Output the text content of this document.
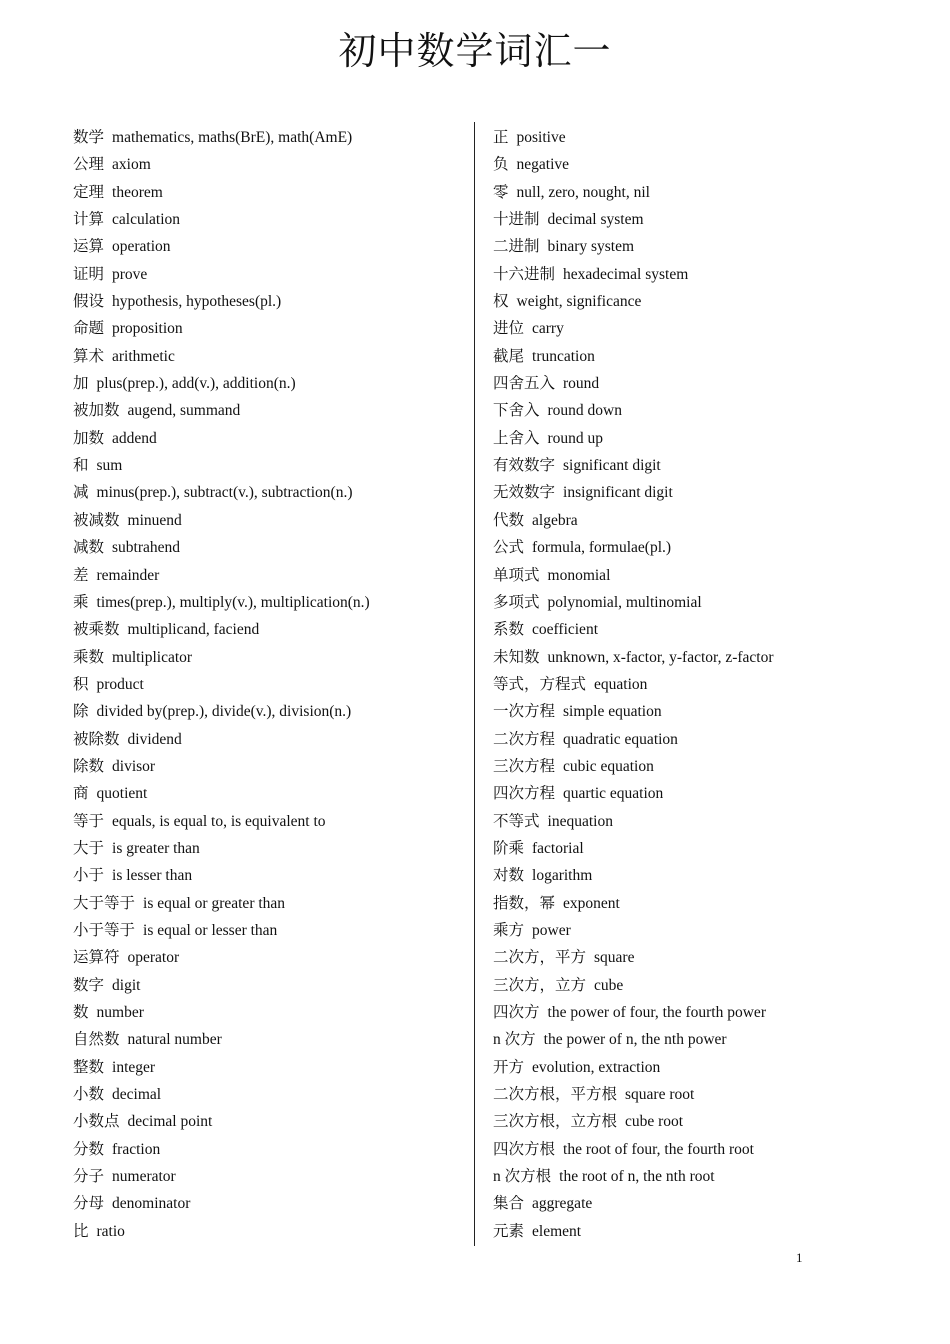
初中数学词汇一
数学 mathematics, maths(BrE), math(AmE)
公理 axiom
定理 theorem
计算 calculation
运算 operation
证明 prove
假设 hypothesis, hypotheses(pl.)
命题 proposition
算术 arithmetic
加 plus(prep.), add(v.), addition(n.)
被加数 augend, summand
加数 addend
和 sum
减 minus(prep.), subtract(v.), subtraction(n.)
被减数 minuend
减数 subtrahend
差 remainder
乘 times(prep.), multiply(v.), multiplication(n.)
被乘数 multiplicand, faciend
乘数 multiplicator
积 product
除 divided by(prep.), divide(v.), division(n.)
被除数 dividend
除数 divisor
商 quotient
等于 equals, is equal to, is equivalent to
大于 is greater than
小于 is lesser than
大于等于 is equal or greater than
小于等于 is equal or lesser than
运算符 operator
数字 digit
数 number
自然数 natural number
整数 integer
小数 decimal
小数点 decimal point
分数 fraction
分子 numerator
分母 denominator
比 ratio
正 positive
负 negative
零 null, zero, nought, nil
十进制 decimal system
二进制 binary system
十六进制 hexadecimal system
权 weight, significance
进位 carry
截尾 truncation
四舍五入 round
下舍入 round down
上舍入 round up
有效数字 significant digit
无效数字 insignificant digit
代数 algebra
公式 formula, formulae(pl.)
单项式 monomial
多项式 polynomial, multinomial
系数 coefficient
未知数 unknown, x-factor, y-factor, z-factor
等式，方程式 equation
一次方程 simple equation
二次方程 quadratic equation
三次方程 cubic equation
四次方程 quartic equation
不等式 inequation
阶乘 factorial
对数 logarithm
指数，幂 exponent
乘方 power
二次方，平方 square
三次方，立方 cube
四次方 the power of four, the fourth power
n 次方 the power of n, the nth power
开方 evolution, extraction
二次方根，平方根 square root
三次方根，立方根 cube root
四次方根 the root of four, the fourth root
n 次方根 the root of n, the nth root
集合 aggregate
元素 element
1
